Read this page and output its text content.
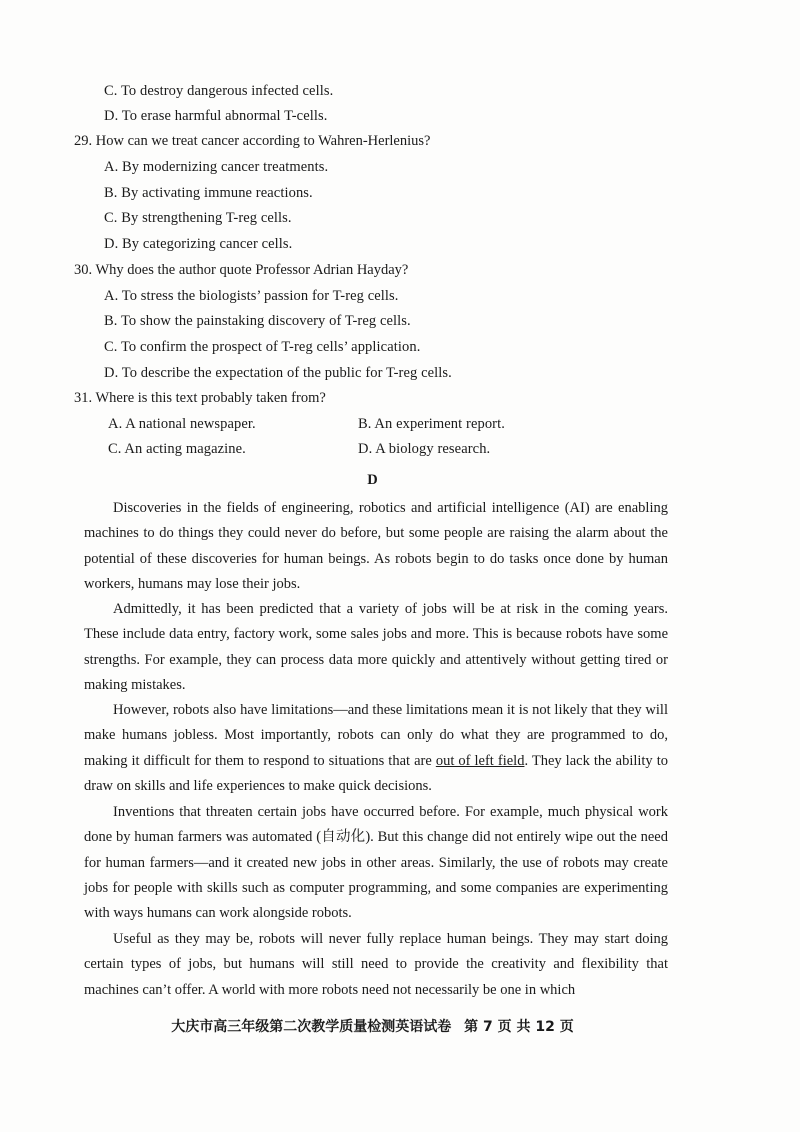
C. To destroy dangerous infected cells.
D. To erase harmful abnormal T-cells.
29. How can we treat cancer according to Wahren-Herlenius?
A. By modernizing cancer treatments.
B. By activating immune reactions.
C. By strengthening T-reg cells.
D. By categorizing cancer cells.
30. Why does the author quote Professor Adrian Hayday?
A. To stress the biologists’ passion for T-reg cells.
B. To show the painstaking discovery of T-reg cells.
C. To confirm the prospect of T-reg cells’ application.
D. To describe the expectation of the public for T-reg cells.
31. Where is this text probably taken from?
A. A national newspaper.	B. An experiment report.
C. An acting magazine.	D. A biology research.
D
Discoveries in the fields of engineering, robotics and artificial intelligence (AI) are enabling machines to do things they could never do before, but some people are raising the alarm about the potential of these discoveries for human beings. As robots begin to do tasks once done by human workers, humans may lose their jobs.
Admittedly, it has been predicted that a variety of jobs will be at risk in the coming years. These include data entry, factory work, some sales jobs and more. This is because robots have some strengths. For example, they can process data more quickly and attentively without getting tired or making mistakes.
However, robots also have limitations—and these limitations mean it is not likely that they will make humans jobless. Most importantly, robots can only do what they are programmed to do, making it difficult for them to respond to situations that are out of left field. They lack the ability to draw on skills and life experiences to make quick decisions.
Inventions that threaten certain jobs have occurred before. For example, much physical work done by human farmers was automated (自动化). But this change did not entirely wipe out the need for human farmers—and it created new jobs in other areas. Similarly, the use of robots may create jobs for people with skills such as computer programming, and some companies are experimenting with ways humans can work alongside robots.
Useful as they may be, robots will never fully replace human beings. They may start doing certain types of jobs, but humans will still need to provide the creativity and flexibility that machines can’t offer. A world with more robots need not necessarily be one in which
大庆市高三年级第二次教学质量检测英语试卷 第 7 页 共 12 页
